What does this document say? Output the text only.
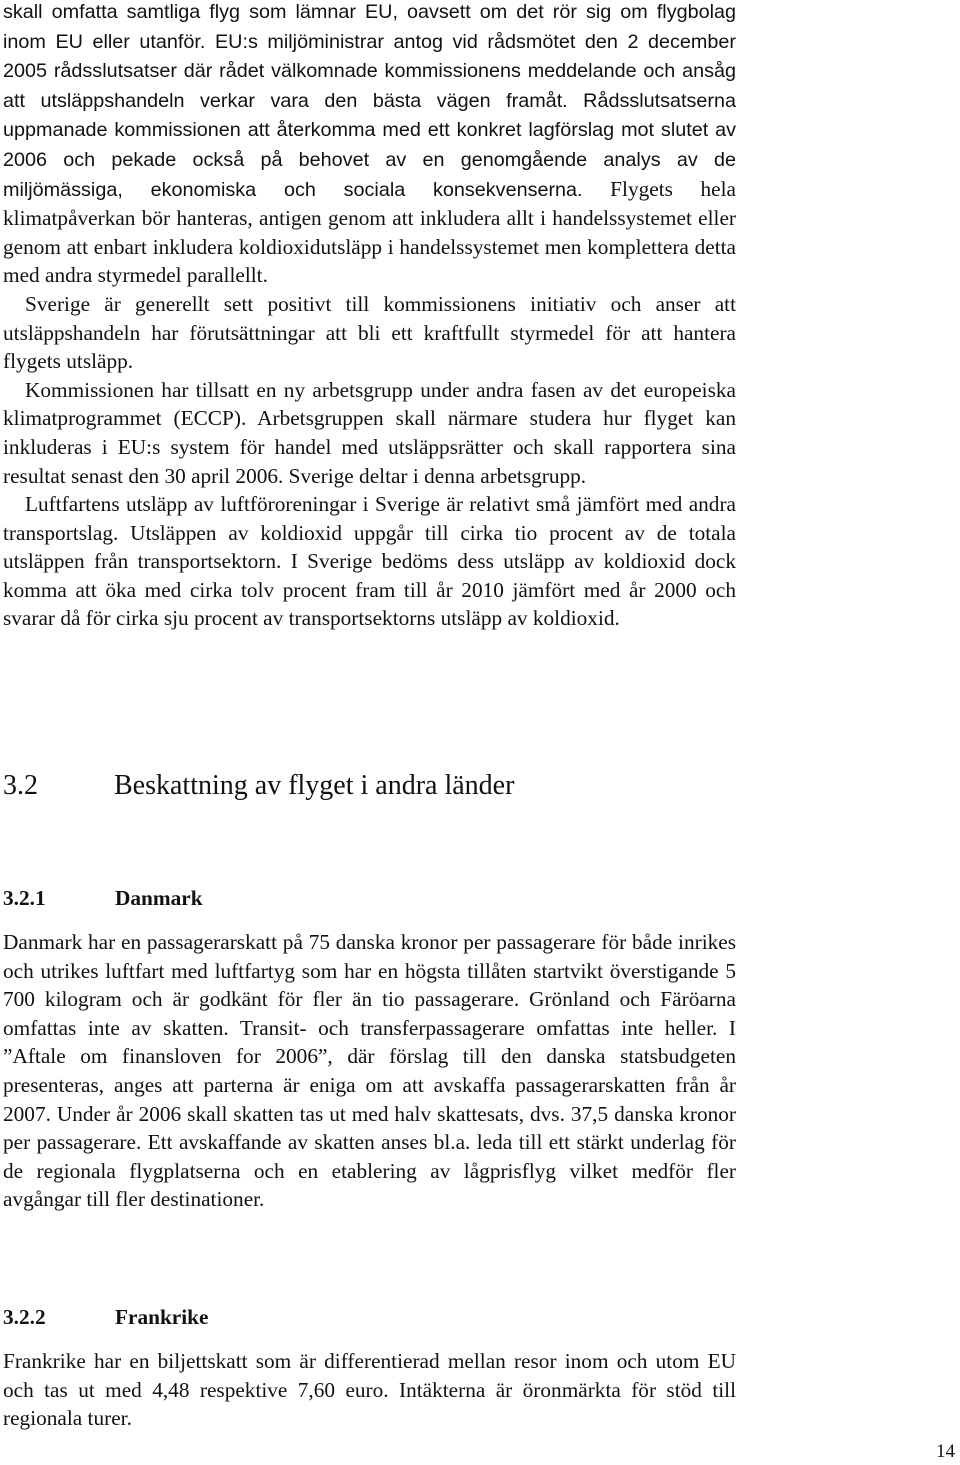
skall omfatta samtliga flyg som lämnar EU, oavsett om det rör sig om flygbolag inom EU eller utanför. EU:s miljöministrar antog vid rådsmötet den 2 december 2005 rådsslutsatser där rådet välkomnade kommissionens meddelande och ansåg att utsläppshandeln verkar vara den bästa vägen framåt. Rådsslutsatserna uppmanade kommissionen att återkomma med ett konkret lagförslag mot slutet av 2006 och pekade också på behovet av en genomgående analys av de miljömässiga, ekonomiska och sociala konsekvenserna. Flygets hela klimatpåverkan bör hanteras, antigen genom att inkludera allt i handelssystemet eller genom att enbart inkludera koldioxidutsläpp i handelssystemet men komplettera detta med andra styrmedel parallellt.

Sverige är generellt sett positivt till kommissionens initiativ och anser att utsläppshandeln har förutsättningar att bli ett kraftfullt styrmedel för att hantera flygets utsläpp.

Kommissionen har tillsatt en ny arbetsgrupp under andra fasen av det europeiska klimatprogrammet (ECCP). Arbetsgruppen skall närmare studera hur flyget kan inkluderas i EU:s system för handel med utsläppsrätter och skall rapportera sina resultat senast den 30 april 2006. Sverige deltar i denna arbetsgrupp.

Luftfartens utsläpp av luftföroreningar i Sverige är relativt små jämfört med andra transportslag. Utsläppen av koldioxid uppgår till cirka tio procent av de totala utsläppen från transportsektorn. I Sverige bedöms dess utsläpp av koldioxid dock komma att öka med cirka tolv procent fram till år 2010 jämfört med år 2000 och svarar då för cirka sju procent av transportsektorns utsläpp av koldioxid.

3.2	Beskattning av flyget i andra länder
3.2.1	Danmark

Danmark har en passagerarskatt på 75 danska kronor per passagerare för både inrikes och utrikes luftfart med luftfartyg som har en högsta tillåten startvikt överstigande 5 700 kilogram och är godkänt för fler än tio passagerare. Grönland och Färöarna omfattas inte av skatten. Transit- och transferpassagerare omfattas inte heller. I ”Aftale om finansloven for 2006”, där förslag till den danska statsbudgeten presenteras, anges att parterna är eniga om att avskaffa passagerarskatten från år 2007. Under år 2006 skall skatten tas ut med halv skattesats, dvs. 37,5 danska kronor per passagerare. Ett avskaffande av skatten anses bl.a. leda till ett stärkt underlag för de regionala flygplatserna och en etablering av lågprisflyg vilket medför fler avgångar till fler destinationer.

3.2.2	Frankrike

Frankrike har en biljettskatt som är differentierad mellan resor inom och utom EU och tas ut med 4,48 respektive 7,60 euro. Intäkterna är öronmärkta för stöd till regionala turer.

14
